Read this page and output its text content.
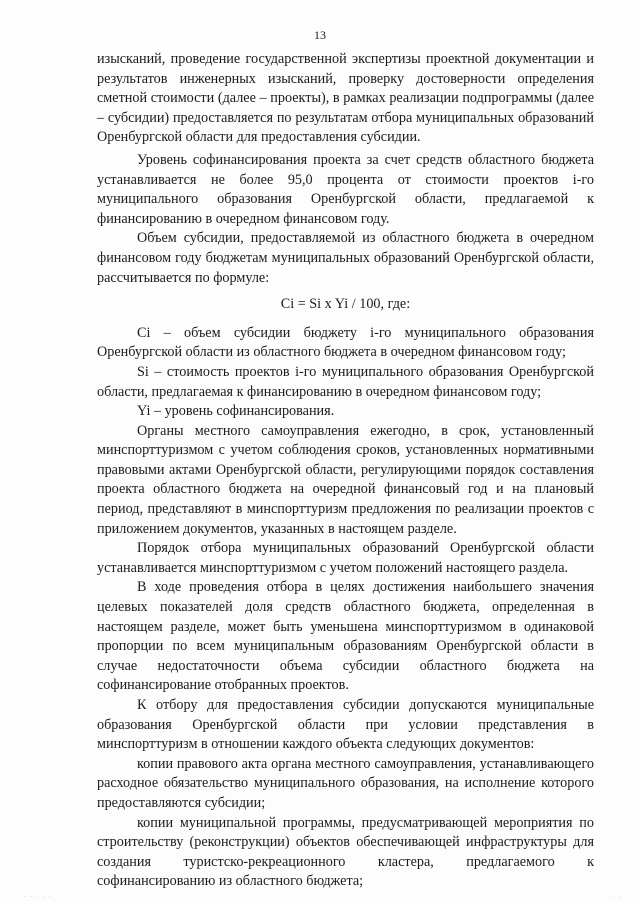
13

изысканий, проведение государственной экспертизы проектной документации и результатов инженерных изысканий, проверку достоверности определения сметной стоимости (далее – проекты), в рамках реализации подпрограммы (далее – субсидии) предоставляется по результатам отбора муниципальных образований Оренбургской области для предоставления субсидии.

Уровень софинансирования проекта за счет средств областного бюджета устанавливается не более 95,0 процента от стоимости проектов i-го муниципального образования Оренбургской области, предлагаемой к финансированию в очередном финансовом году.

Объем субсидии, предоставляемой из областного бюджета в очередном финансовом году бюджетам муниципальных образований Оренбургской области, рассчитывается по формуле:

Ci = Si x Yi / 100, где:

Ci – объем субсидии бюджету i-го муниципального образования Оренбургской области из областного бюджета в очередном финансовом году;

Si – стоимость проектов i-го муниципального образования Оренбургской области, предлагаемая к финансированию в очередном финансовом году;

Yi – уровень софинансирования.

Органы местного самоуправления ежегодно, в срок, установленный минспорттуризмом с учетом соблюдения сроков, установленных нормативными правовыми актами Оренбургской области, регулирующими порядок составления проекта областного бюджета на очередной финансовый год и на плановый период, представляют в минспорттуризм предложения по реализации проектов с приложением документов, указанных в настоящем разделе.

Порядок отбора муниципальных образований Оренбургской области устанавливается минспорттуризмом с учетом положений настоящего раздела.

В ходе проведения отбора в целях достижения наибольшего значения целевых показателей доля средств областного бюджета, определенная в настоящем разделе, может быть уменьшена минспорттуризмом в одинаковой пропорции по всем муниципальным образованиям Оренбургской области в случае недостаточности объема субсидии областного бюджета на софинансирование отобранных проектов.

К отбору для предоставления субсидии допускаются муниципальные образования Оренбургской области при условии представления в минспорттуризм в отношении каждого объекта следующих документов:

копии правового акта органа местного самоуправления, устанавливающего расходное обязательство муниципального образования, на исполнение которого предоставляются субсидии;

копии муниципальной программы, предусматривающей мероприятия по строительству (реконструкции) объектов обеспечивающей инфраструктуры для создания туристско-рекреационного кластера, предлагаемого к софинансированию из областного бюджета;

· · · · ·	· ·
